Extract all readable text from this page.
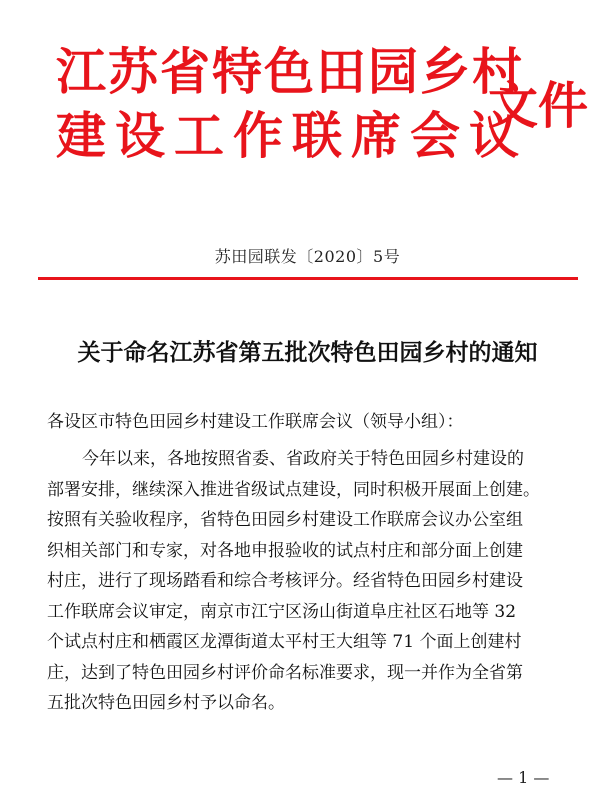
江苏省特色田园乡村
建设工作联席会议
文件
苏田园联发〔2020〕5号
关于命名江苏省第五批次特色田园乡村的通知
各设区市特色田园乡村建设工作联席会议（领导小组）：
今年以来，各地按照省委、省政府关于特色田园乡村建设的
部署安排，继续深入推进省级试点建设，同时积极开展面上创建。
按照有关验收程序，省特色田园乡村建设工作联席会议办公室组
织相关部门和专家，对各地申报验收的试点村庄和部分面上创建
村庄，进行了现场踏看和综合考核评分。经省特色田园乡村建设
工作联席会议审定，南京市江宁区汤山街道阜庄社区石地等 32
个试点村庄和栖霞区龙潭街道太平村王大组等 71 个面上创建村
庄，达到了特色田园乡村评价命名标准要求，现一并作为全省第
五批次特色田园乡村予以命名。
— 1 —
